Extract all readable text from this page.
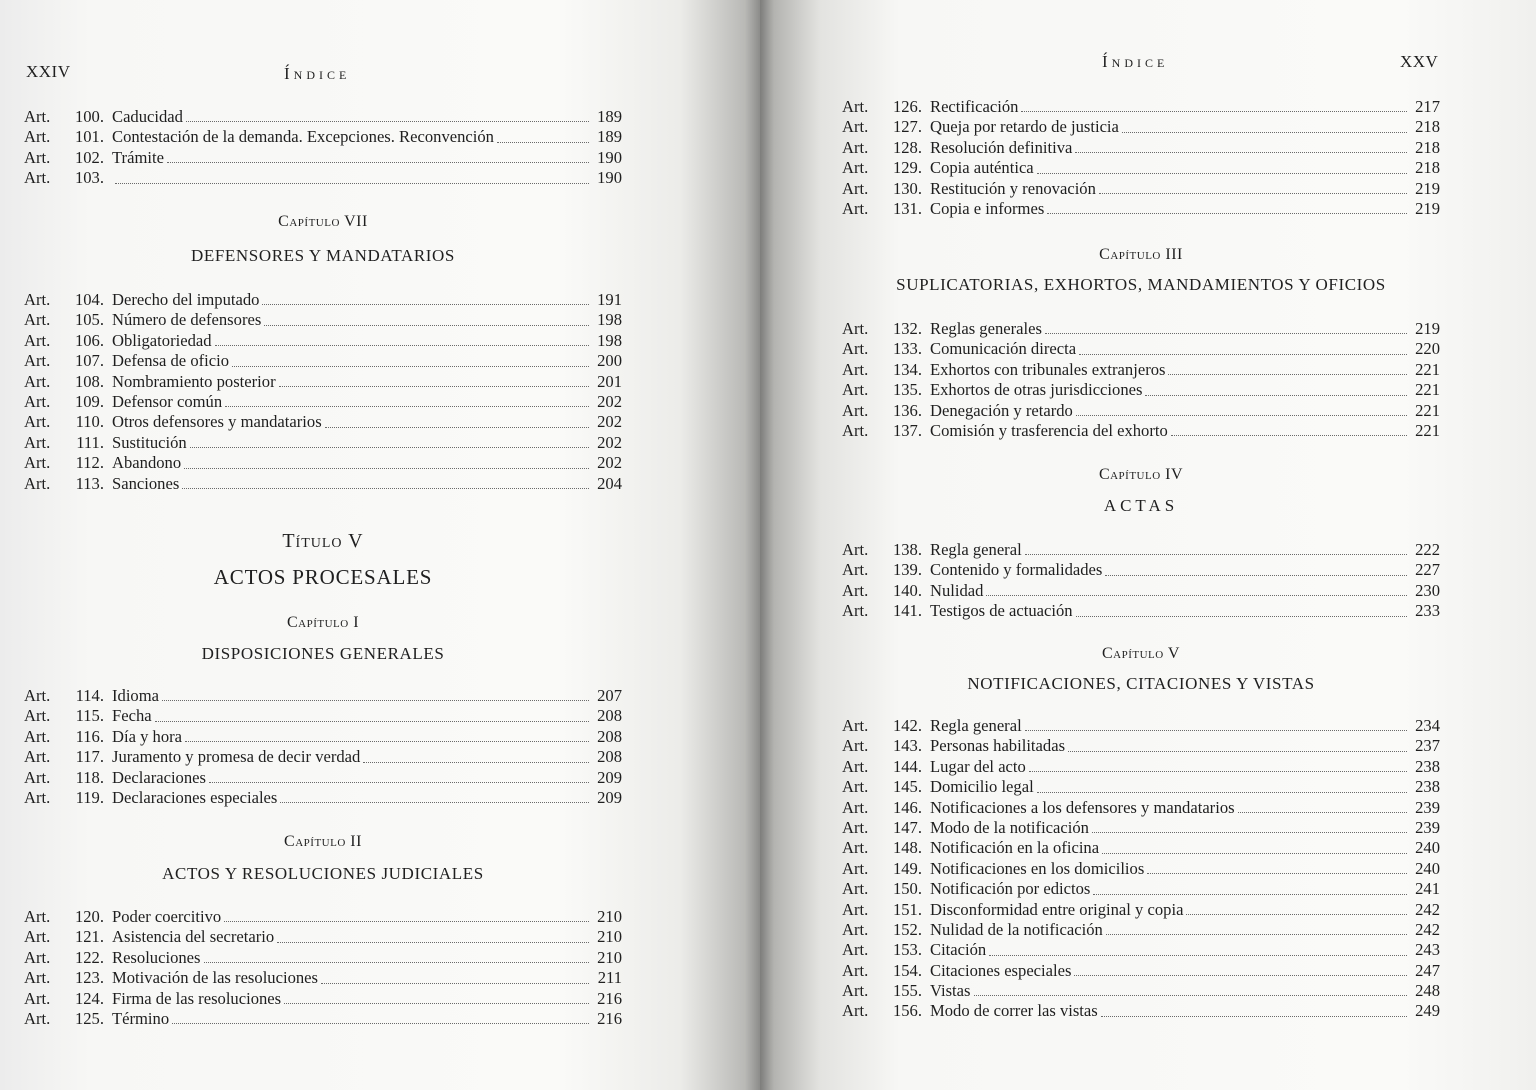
XXIV	Índice
Art.	100. Caducidad	189
Art.	101. Contestación de la demanda. Excepciones. Reconvención	189
Art.	102. Trámite	190
Art.	103.	190
Capítulo VII
DEFENSORES Y MANDATARIOS
Art.	104. Derecho del imputado	191
Art.	105. Número de defensores	198
Art.	106. Obligatoriedad	198
Art.	107. Defensa de oficio	200
Art.	108. Nombramiento posterior	201
Art.	109. Defensor común	202
Art.	110. Otros defensores y mandatarios	202
Art.	111. Sustitución	202
Art.	112. Abandono	202
Art.	113. Sanciones	204
Título V
ACTOS PROCESALES
Capítulo I
DISPOSICIONES GENERALES
Art.	114. Idioma	207
Art.	115. Fecha	208
Art.	116. Día y hora	208
Art.	117. Juramento y promesa de decir verdad	208
Art.	118. Declaraciones	209
Art.	119. Declaraciones especiales	209
Capítulo II
ACTOS Y RESOLUCIONES JUDICIALES
Art.	120. Poder coercitivo	210
Art.	121. Asistencia del secretario	210
Art.	122. Resoluciones	210
Art.	123. Motivación de las resoluciones	211
Art.	124. Firma de las resoluciones	216
Art.	125. Término	216
Índice	XXV
Art.	126. Rectificación	217
Art.	127. Queja por retardo de justicia	218
Art.	128. Resolución definitiva	218
Art.	129. Copia auténtica	218
Art.	130. Restitución y renovación	219
Art.	131. Copia e informes	219
Capítulo III
SUPLICATORIAS, EXHORTOS, MANDAMIENTOS Y OFICIOS
Art.	132. Reglas generales	219
Art.	133. Comunicación directa	220
Art.	134. Exhortos con tribunales extranjeros	221
Art.	135. Exhortos de otras jurisdicciones	221
Art.	136. Denegación y retardo	221
Art.	137. Comisión y trasferencia del exhorto	221
Capítulo IV
ACTAS
Art.	138. Regla general	222
Art.	139. Contenido y formalidades	227
Art.	140. Nulidad	230
Art.	141. Testigos de actuación	233
Capítulo V
NOTIFICACIONES, CITACIONES Y VISTAS
Art.	142. Regla general	234
Art.	143. Personas habilitadas	237
Art.	144. Lugar del acto	238
Art.	145. Domicilio legal	238
Art.	146. Notificaciones a los defensores y mandatarios	239
Art.	147. Modo de la notificación	239
Art.	148. Notificación en la oficina	240
Art.	149. Notificaciones en los domicilios	240
Art.	150. Notificación por edictos	241
Art.	151. Disconformidad entre original y copia	242
Art.	152. Nulidad de la notificación	242
Art.	153. Citación	243
Art.	154. Citaciones especiales	247
Art.	155. Vistas	248
Art.	156. Modo de correr las vistas	249
